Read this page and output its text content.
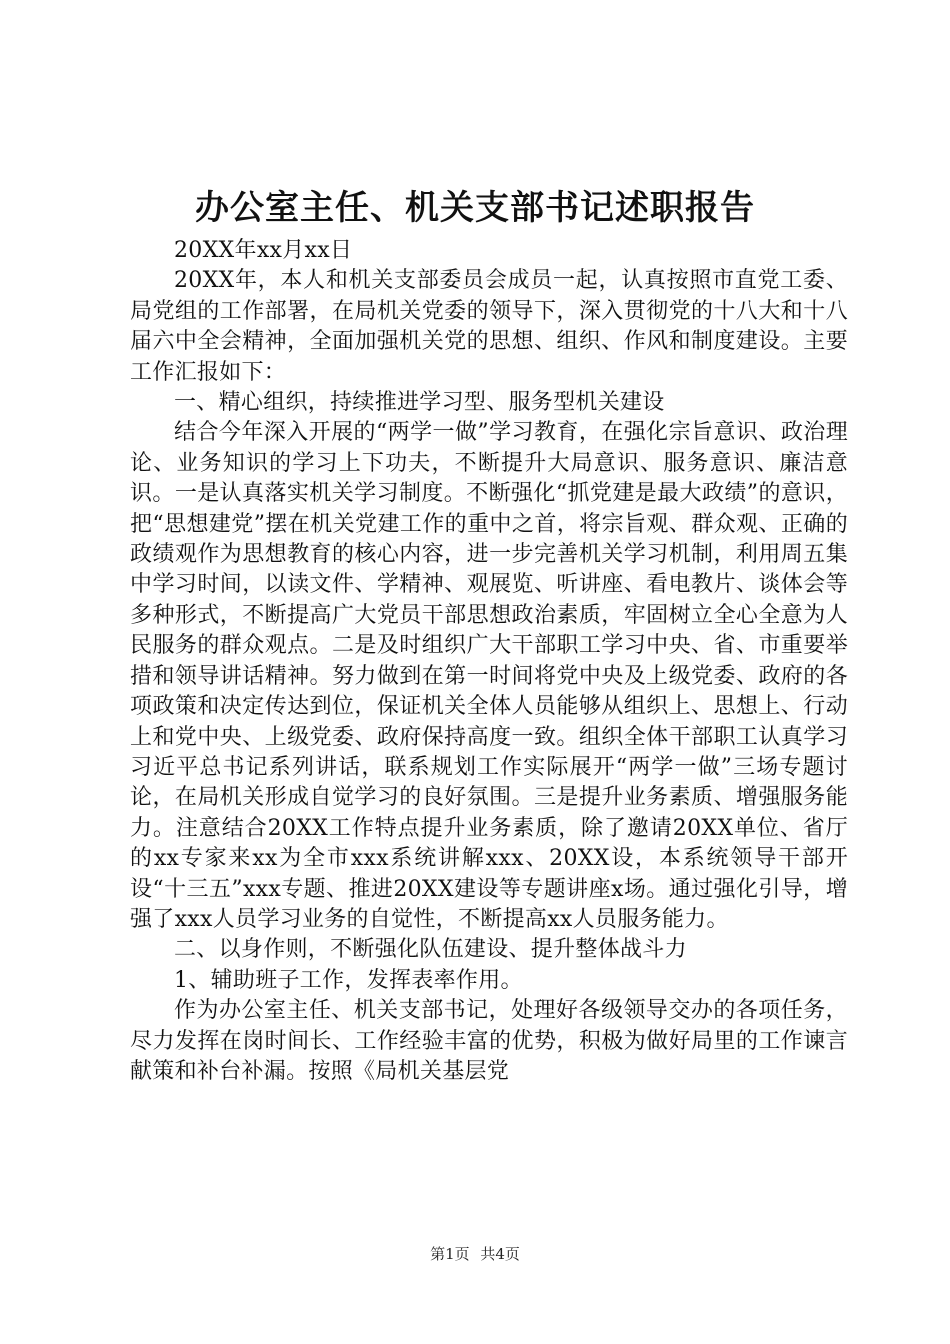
办公室主任、机关支部书记述职报告

20XX年xx月xx日

20XX年，本人和机关支部委员会成员一起，认真按照市直党工委、局党组的工作部署，在局机关党委的领导下，深入贯彻党的十八大和十八届六中全会精神，全面加强机关党的思想、组织、作风和制度建设。主要工作汇报如下：

一、精心组织，持续推进学习型、服务型机关建设

结合今年深入开展的“两学一做”学习教育，在强化宗旨意识、政治理论、业务知识的学习上下功夫，不断提升大局意识、服务意识、廉洁意识。一是认真落实机关学习制度。不断强化“抓党建是最大政绩”的意识，把“思想建党”摆在机关党建工作的重中之首，将宗旨观、群众观、正确的政绩观作为思想教育的核心内容，进一步完善机关学习机制，利用周五集中学习时间，以读文件、学精神、观展览、听讲座、看电教片、谈体会等多种形式，不断提高广大党员干部思想政治素质，牢固树立全心全意为人民服务的群众观点。二是及时组织广大干部职工学习中央、省、市重要举措和领导讲话精神。努力做到在第一时间将党中央及上级党委、政府的各项政策和决定传达到位，保证机关全体人员能够从组织上、思想上、行动上和党中央、上级党委、政府保持高度一致。组织全体干部职工认真学习习近平总书记系列讲话，联系规划工作实际展开“两学一做”三场专题讨论，在局机关形成自觉学习的良好氛围。三是提升业务素质、增强服务能力。注意结合20XX工作特点提升业务素质，除了邀请20XX单位、省厅的xx专家来xx为全市xxx系统讲解xxx、20XX设，本系统领导干部开设“十三五”xxx专题、推进20XX建设等专题讲座x场。通过强化引导，增强了xxx人员学习业务的自觉性，不断提高xx人员服务能力。

二、以身作则，不断强化队伍建设、提升整体战斗力

1、辅助班子工作，发挥表率作用。

作为办公室主任、机关支部书记，处理好各级领导交办的各项任务，尽力发挥在岗时间长、工作经验丰富的优势，积极为做好局里的工作谏言献策和补台补漏。按照《局机关基层党

第1页 共4页
